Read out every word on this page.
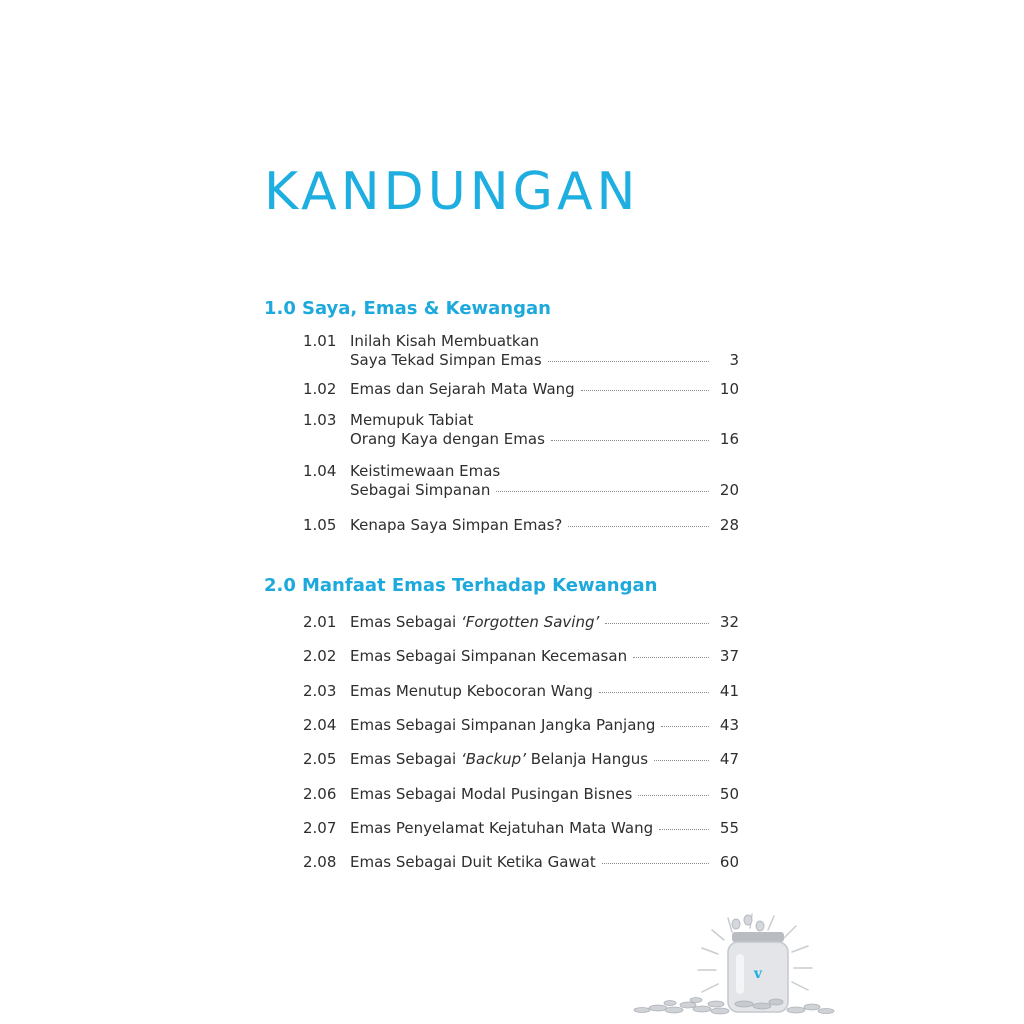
KANDUNGAN
1.0 Saya, Emas & Kewangan
1.01 Inilah Kisah Membuatkan
Saya Tekad Simpan Emas	3
1.02 Emas dan Sejarah Mata Wang	10
1.03 Memupuk Tabiat
Orang Kaya dengan Emas	16
1.04 Keistimewaan Emas
Sebagai Simpanan	20
1.05 Kenapa Saya Simpan Emas?	28
2.0 Manfaat Emas Terhadap Kewangan
2.01 Emas Sebagai ‘Forgotten Saving’	32
2.02 Emas Sebagai Simpanan Kecemasan	37
2.03 Emas Menutup Kebocoran Wang	41
2.04 Emas Sebagai Simpanan Jangka Panjang	43
2.05 Emas Sebagai ‘Backup’ Belanja Hangus	47
2.06 Emas Sebagai Modal Pusingan Bisnes	50
2.07 Emas Penyelamat Kejatuhan Mata Wang	55
2.08 Emas Sebagai Duit Ketika Gawat	60
v
